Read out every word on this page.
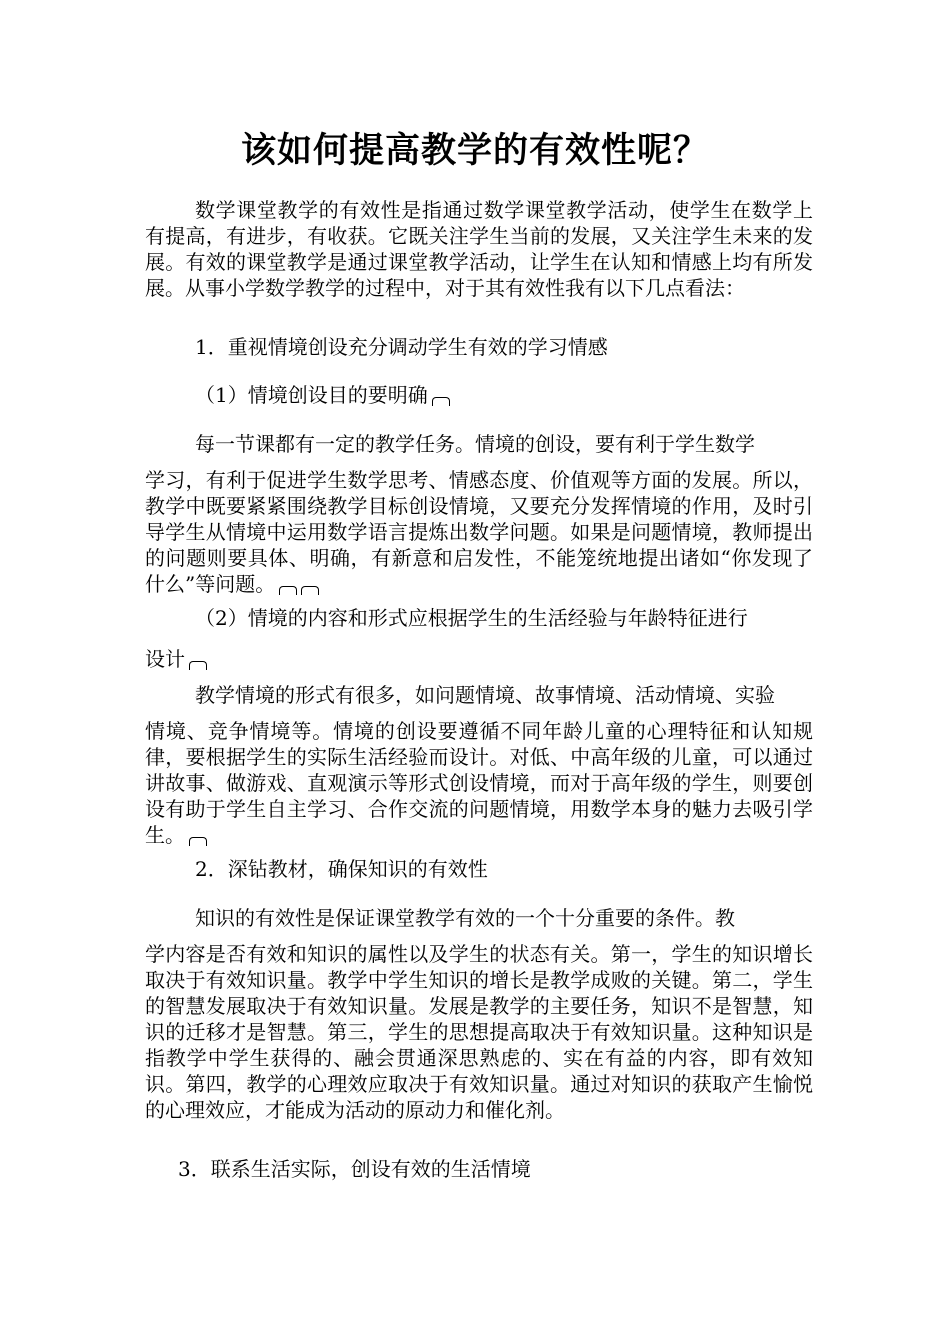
该如何提高教学的有效性呢？

数学课堂教学的有效性是指通过数学课堂教学活动，使学生在数学上有提高，有进步，有收获。它既关注学生当前的发展，又关注学生未来的发展。有效的课堂教学是通过课堂教学活动，让学生在认知和情感上均有所发展。从事小学数学教学的过程中，对于其有效性我有以下几点看法：

1．重视情境创设充分调动学生有效的学习情感

（1）情境创设目的要明确

每一节课都有一定的教学任务。情境的创设，要有利于学生数学

学习，有利于促进学生数学思考、情感态度、价值观等方面的发展。所以，教学中既要紧紧围绕教学目标创设情境，又要充分发挥情境的作用，及时引导学生从情境中运用数学语言提炼出数学问题。如果是问题情境，教师提出的问题则要具体、明确，有新意和启发性，不能笼统地提出诸如“你发现了什么”等问题。

（2）情境的内容和形式应根据学生的生活经验与年龄特征进行

设计

教学情境的形式有很多，如问题情境、故事情境、活动情境、实验

情境、竞争情境等。情境的创设要遵循不同年龄儿童的心理特征和认知规律，要根据学生的实际生活经验而设计。对低、中高年级的儿童，可以通过讲故事、做游戏、直观演示等形式创设情境，而对于高年级的学生，则要创设有助于学生自主学习、合作交流的问题情境，用数学本身的魅力去吸引学生。

2．深钻教材，确保知识的有效性

知识的有效性是保证课堂教学有效的一个十分重要的条件。教

学内容是否有效和知识的属性以及学生的状态有关。第一，学生的知识增长取决于有效知识量。教学中学生知识的增长是教学成败的关键。第二，学生的智慧发展取决于有效知识量。发展是教学的主要任务，知识不是智慧，知识的迁移才是智慧。第三，学生的思想提高取决于有效知识量。这种知识是指教学中学生获得的、融会贯通深思熟虑的、实在有益的内容，即有效知识。第四，教学的心理效应取决于有效知识量。通过对知识的获取产生愉悦的心理效应，才能成为活动的原动力和催化剂。

3．联系生活实际，创设有效的生活情境
